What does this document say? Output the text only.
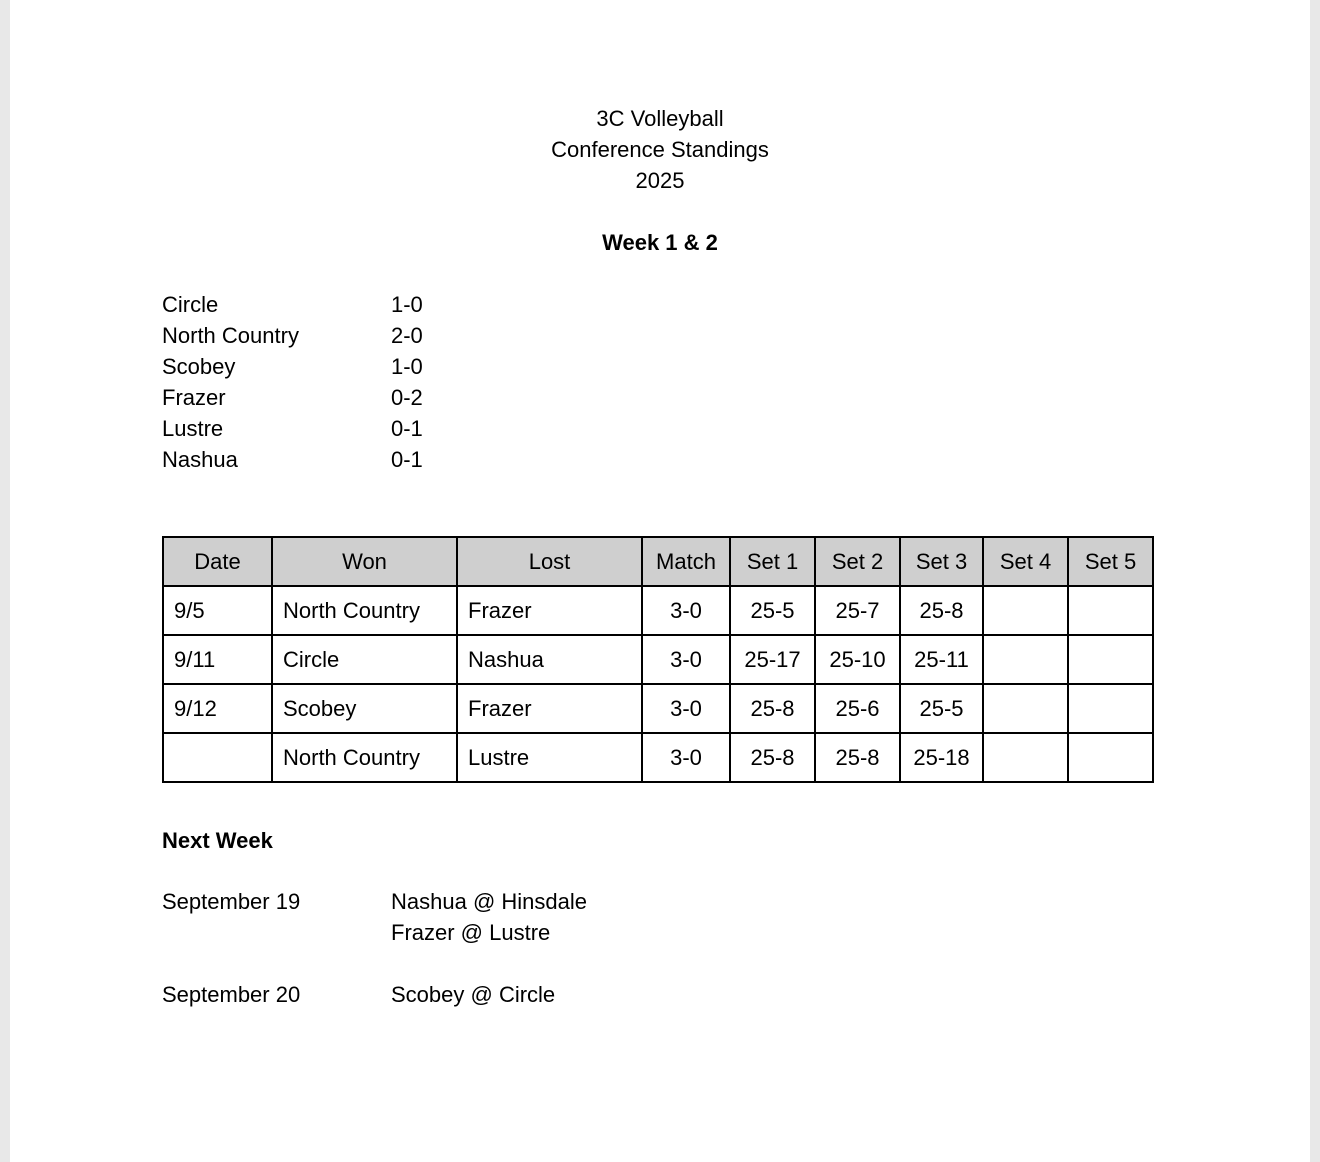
3C Volleyball
Conference Standings
2025
Week 1 & 2
Circle	1-0
North Country	2-0
Scobey	1-0
Frazer	0-2
Lustre	0-1
Nashua	0-1
Date	Won	Lost	Match	Set 1	Set 2	Set 3	Set 4	Set 5
9/5	North Country	Frazer	3-0	25-5	25-7	25-8		
9/11	Circle	Nashua	3-0	25-17	25-10	25-11		
9/12	Scobey	Frazer	3-0	25-8	25-6	25-5		
	North Country	Lustre	3-0	25-8	25-8	25-18		
Next Week
September 19	Nashua @ Hinsdale
Frazer @ Lustre
September 20	Scobey @ Circle
